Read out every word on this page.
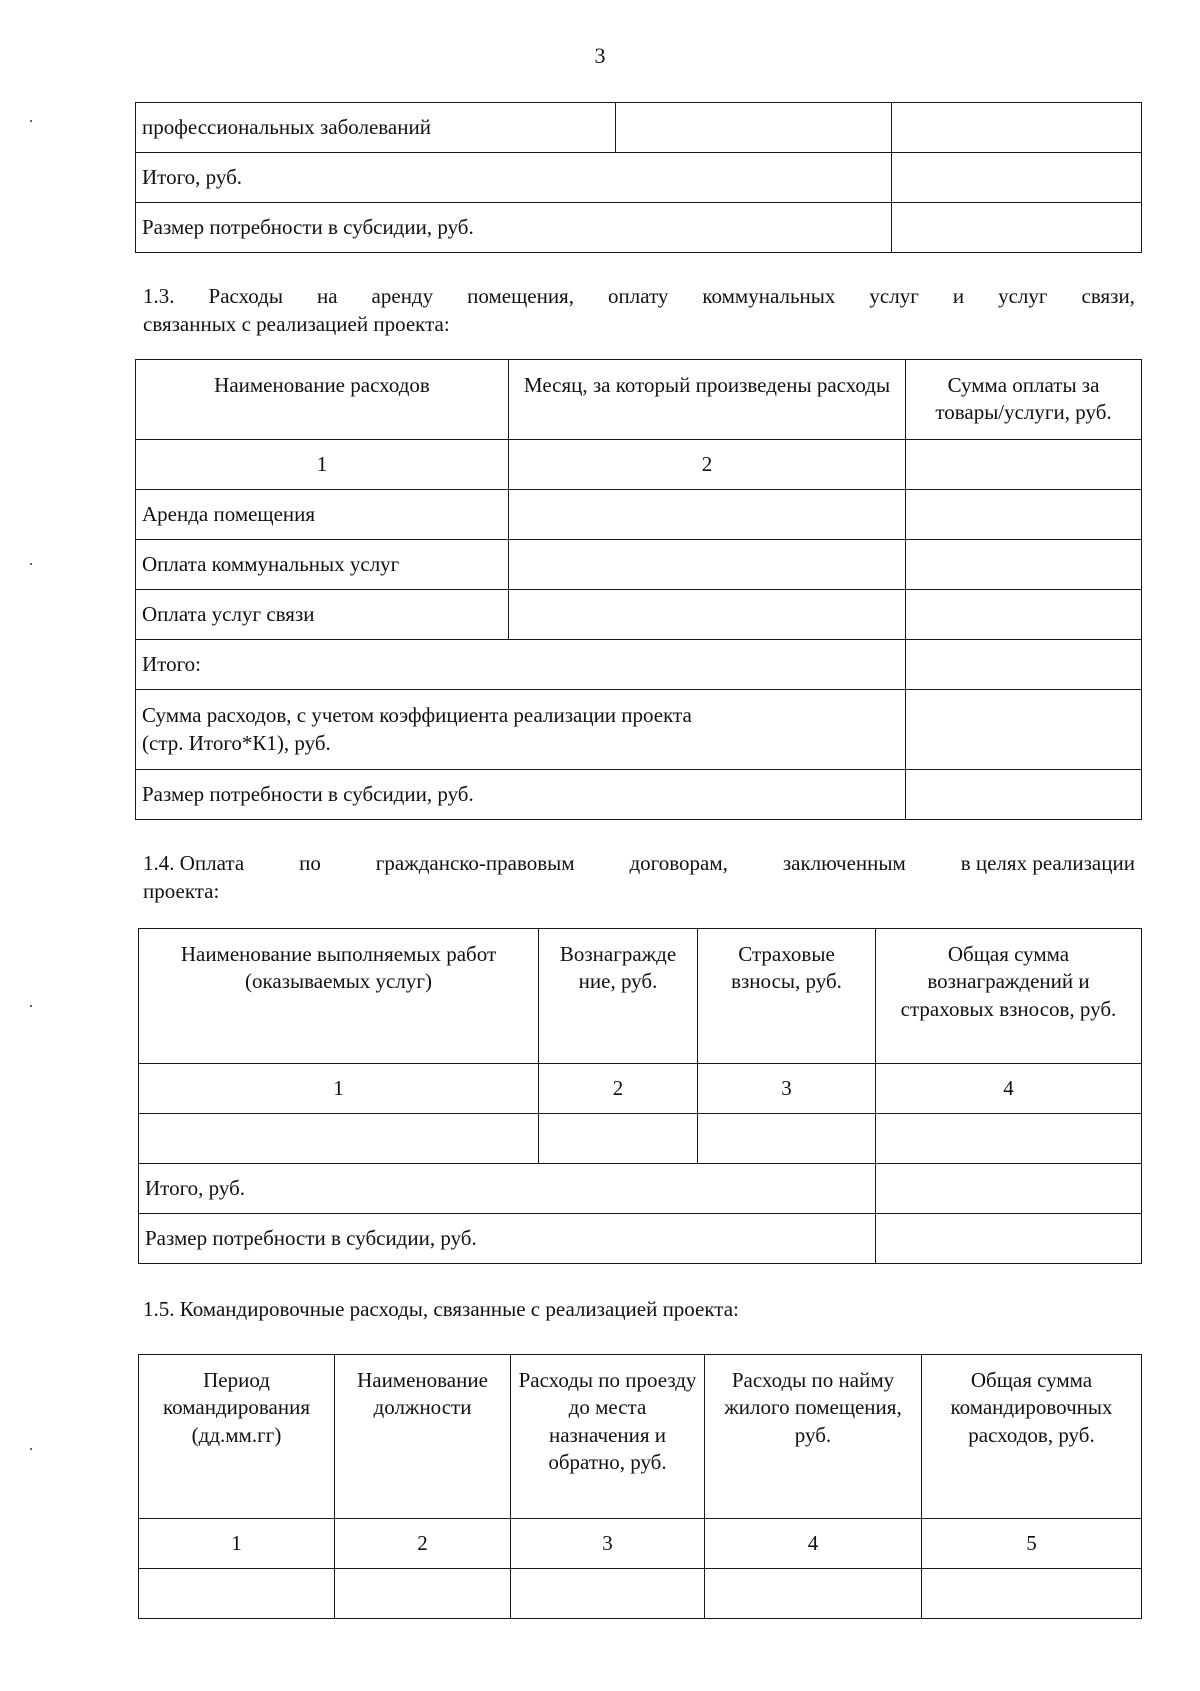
3
профессиональных заболеваний		
Итого, руб.		
Размер потребности в субсидии, руб.		
1.3. Расходы на аренду помещения, оплату коммунальных услуг и услуг связи,
связанных с реализацией проекта:
Наименование расходов	Месяц, за который произведены расходы	Сумма оплаты за товары/услуги, руб.
1	2	
Аренда помещения		
Оплата коммунальных услуг		
Оплата услуг связи		
Итого:		

Сумма расходов, с учетом коэффициента реализации проекта
(стр. Итого*К1), руб.		

Размер потребности в субсидии, руб.		
1.4. Оплата	по	гражданско-правовым	договорам,	заключенным	в целях реализации
проекта:
Наименование выполняемых работ (оказываемых услуг)	Вознагражде ние, руб.	Страховые взносы, руб.	Общая сумма вознаграждений и страховых взносов, руб.
1	2	3	4

Итого, руб.			
Размер потребности в субсидии, руб.			
1.5. Командировочные расходы, связанные с реализацией проекта:
Период командирования (дд.мм.гг)	Наименование должности	Расходы по проезду до места назначения и обратно, руб.	Расходы по найму жилого помещения, руб.	Общая сумма командировочных расходов, руб.
1	2	3	4	5
